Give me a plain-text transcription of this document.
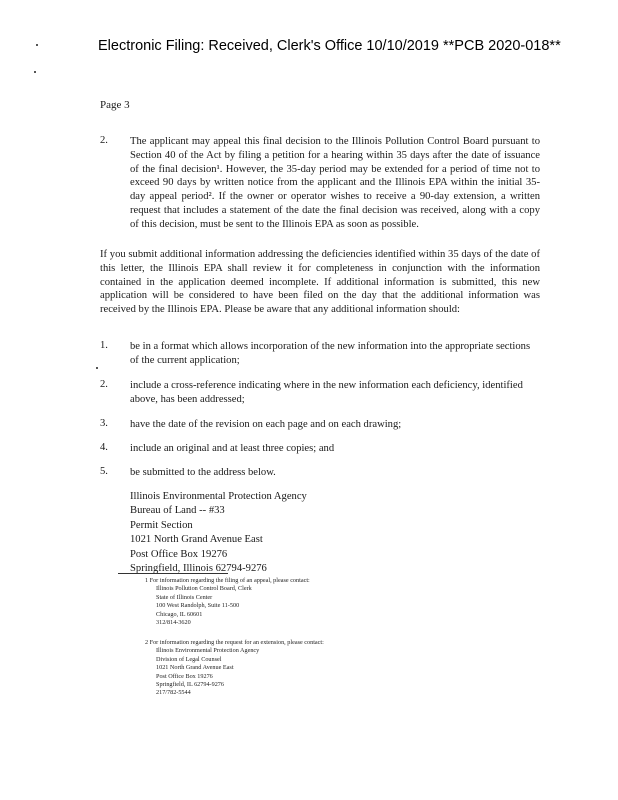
Electronic Filing: Received, Clerk's Office 10/10/2019 **PCB 2020-018**
Page 3
2. The applicant may appeal this final decision to the Illinois Pollution Control Board pursuant to Section 40 of the Act by filing a petition for a hearing within 35 days after the date of issuance of the final decision¹. However, the 35-day period may be extended for a period of time not to exceed 90 days by written notice from the applicant and the Illinois EPA within the initial 35-day appeal period². If the owner or operator wishes to receive a 90-day extension, a written request that includes a statement of the date the final decision was received, along with a copy of this decision, must be sent to the Illinois EPA as soon as possible.
If you submit additional information addressing the deficiencies identified within 35 days of the date of this letter, the Illinois EPA shall review it for completeness in conjunction with the information contained in the application deemed incomplete. If additional information is submitted, this new application will be considered to have been filed on the day that the additional information was received by the Illinois EPA. Please be aware that any additional information should:
1. be in a format which allows incorporation of the new information into the appropriate sections of the current application;
2. include a cross-reference indicating where in the new information each deficiency, identified above, has been addressed;
3. have the date of the revision on each page and on each drawing;
4. include an original and at least three copies; and
5. be submitted to the address below.
Illinois Environmental Protection Agency
Bureau of Land -- #33
Permit Section
1021 North Grand Avenue East
Post Office Box 19276
Springfield, Illinois 62794-9276
1 For information regarding the filing of an appeal, please contact:
Illinois Pollution Control Board, Clerk
State of Illinois Center
100 West Randolph, Suite 11-500
Chicago, IL 60601
312/814-3620
2 For information regarding the request for an extension, please contact:
Illinois Environmental Protection Agency
Division of Legal Counsel
1021 North Grand Avenue East
Post Office Box 19276
Springfield, IL 62794-9276
217/782-5544
